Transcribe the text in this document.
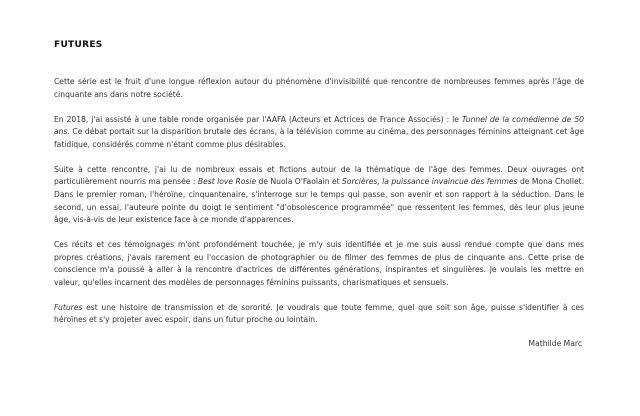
FUTURES

Cette série est le fruit d'une longue réflexion autour du phénomène d'invisibilité que rencontre de nombreuses femmes après l'âge de cinquante ans dans notre société.

En 2018, j'ai assisté à une table ronde organisée par l'AAFA (Acteurs et Actrices de France Associés) : le Tunnel de la comédienne de 50 ans. Ce débat portait sur la disparition brutale des écrans, à la télévision comme au cinéma, des personnages féminins atteignant cet âge fatidique, considérés comme n'étant comme plus désirables.

Suite à cette rencontre, j'ai lu de nombreux essais et fictions autour de la thématique de l'âge des femmes. Deux ouvrages ont particulièrement nourris ma pensée : Best love Rosie de Nuola O'Faolain et Sorcières, la puissance invaincue des femmes de Mona Chollet. Dans le premier roman, l'héroïne, cinquantenaire, s'interroge sur le temps qui passe, son avenir et son rapport à la séduction. Dans le second, un essai, l'auteure pointe du doigt le sentiment "d'obsolescence programmée" que ressentent les femmes, dès leur plus jeune âge, vis-à-vis de leur existence face à ce monde d'apparences.

Ces récits et ces témoignages m'ont profondément touchée, je m'y suis identifiée et je me suis aussi rendue compte que dans mes propres créations, j'avais rarement eu l'occasion de photographier ou de filmer des femmes de plus de cinquante ans. Cette prise de conscience m'a poussé à aller à la rencontre d'actrices de différentes générations, inspirantes et singulières. Je voulais les mettre en valeur, qu'elles incarnent des modèles de personnages féminins puissants, charismatiques et sensuels.

Futures est une histoire de transmission et de sororité. Je voudrais que toute femme, quel que soit son âge, puisse s'identifier à ces héroïnes et s'y projeter avec espoir, dans un futur proche ou lointain.

Mathilde Marc
